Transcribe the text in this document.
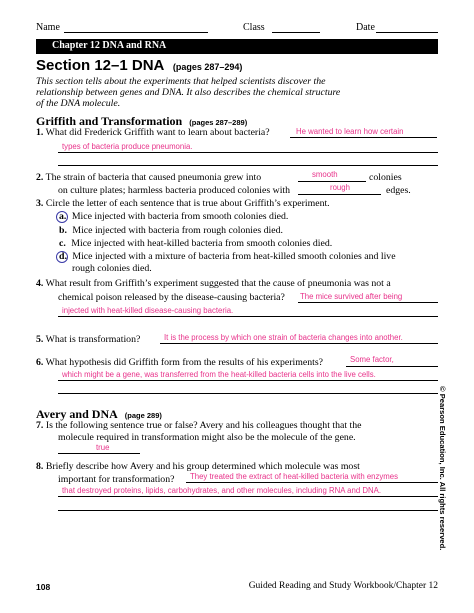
Name	Class	Date
Chapter 12 DNA and RNA
Section 12–1 DNA (pages 287–294)
This section tells about the experiments that helped scientists discover the
relationship between genes and DNA. It also describes the chemical structure
of the DNA molecule.
Griffith and Transformation (pages 287–289)
1. What did Frederick Griffith want to learn about bacteria?	He wanted to learn how certain
types of bacteria produce pneumonia.
2. The strain of bacteria that caused pneumonia grew into	smooth	colonies
on culture plates; harmless bacteria produced colonies with	rough	edges.
3. Circle the letter of each sentence that is true about Griffith’s experiment.
a. Mice injected with bacteria from smooth colonies died.
b. Mice injected with bacteria from rough colonies died.
c. Mice injected with heat-killed bacteria from smooth colonies died.
d. Mice injected with a mixture of bacteria from heat-killed smooth colonies and live
rough colonies died.
4. What result from Griffith’s experiment suggested that the cause of pneumonia was not a
chemical poison released by the disease-causing bacteria? The mice survived after being
injected with heat-killed disease-causing bacteria.
5. What is transformation?	It is the process by which one strain of bacteria changes into another.
6. What hypothesis did Griffith form from the results of his experiments?	Some factor,
which might be a gene, was transferred from the heat-killed bacteria cells into the live cells.
Avery and DNA (page 289)
7. Is the following sentence true or false? Avery and his colleagues thought that the
molecule required in transformation might also be the molecule of the gene.
true
8. Briefly describe how Avery and his group determined which molecule was most
important for transformation? They treated the extract of heat-killed bacteria with enzymes
that destroyed proteins, lipids, carbohydrates, and other molecules, including RNA and DNA.	© Pearson Education, Inc. All rights reserved.
108	Guided Reading and Study Workbook/Chapter 12
